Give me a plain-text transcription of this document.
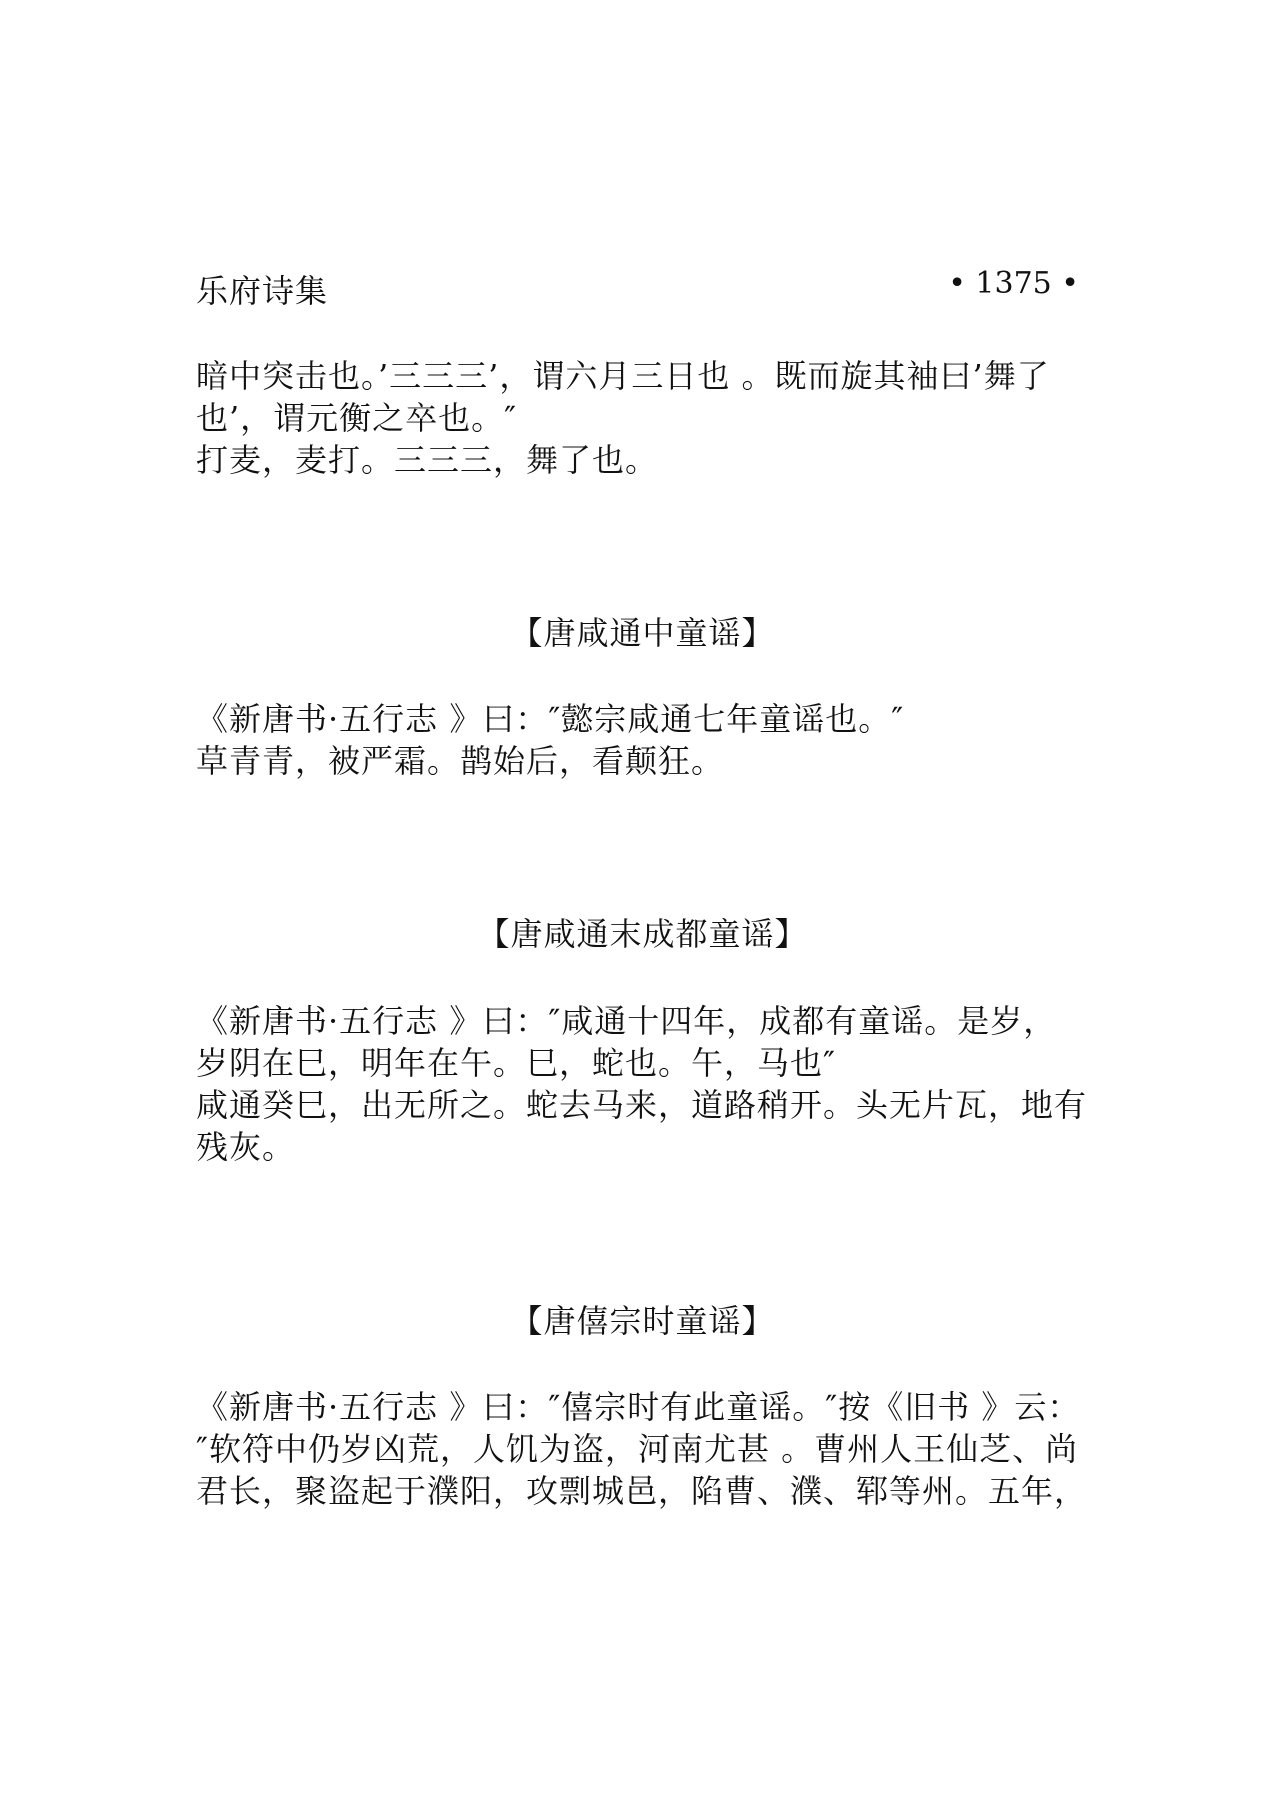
乐府诗集	• 1375 •

暗中突击也。’三三三’，谓六月三日也 。既而旋其袖曰’舞了

也’，谓元衡之卒也。″

打麦，麦打。三三三，舞了也。

【唐咸通中童谣】

《新唐书·五行志 》曰：″懿宗咸通七年童谣也。″

草青青，被严霜。鹊始后，看颠狂。

【唐咸通末成都童谣】

《新唐书·五行志 》曰：″咸通十四年，成都有童谣。是岁，

岁阴在巳，明年在午。巳，蛇也。午，马也″

咸通癸巳，出无所之。蛇去马来，道路稍开。头无片瓦，地有

残灰。

【唐僖宗时童谣】

《新唐书·五行志 》曰：″僖宗时有此童谣。″按《旧书 》云：

″软符中仍岁凶荒，人饥为盗，河南尤甚 。曹州人王仙芝、尚

君长，聚盗起于濮阳，攻剽城邑，陷曹、濮、郓等州。五年，
